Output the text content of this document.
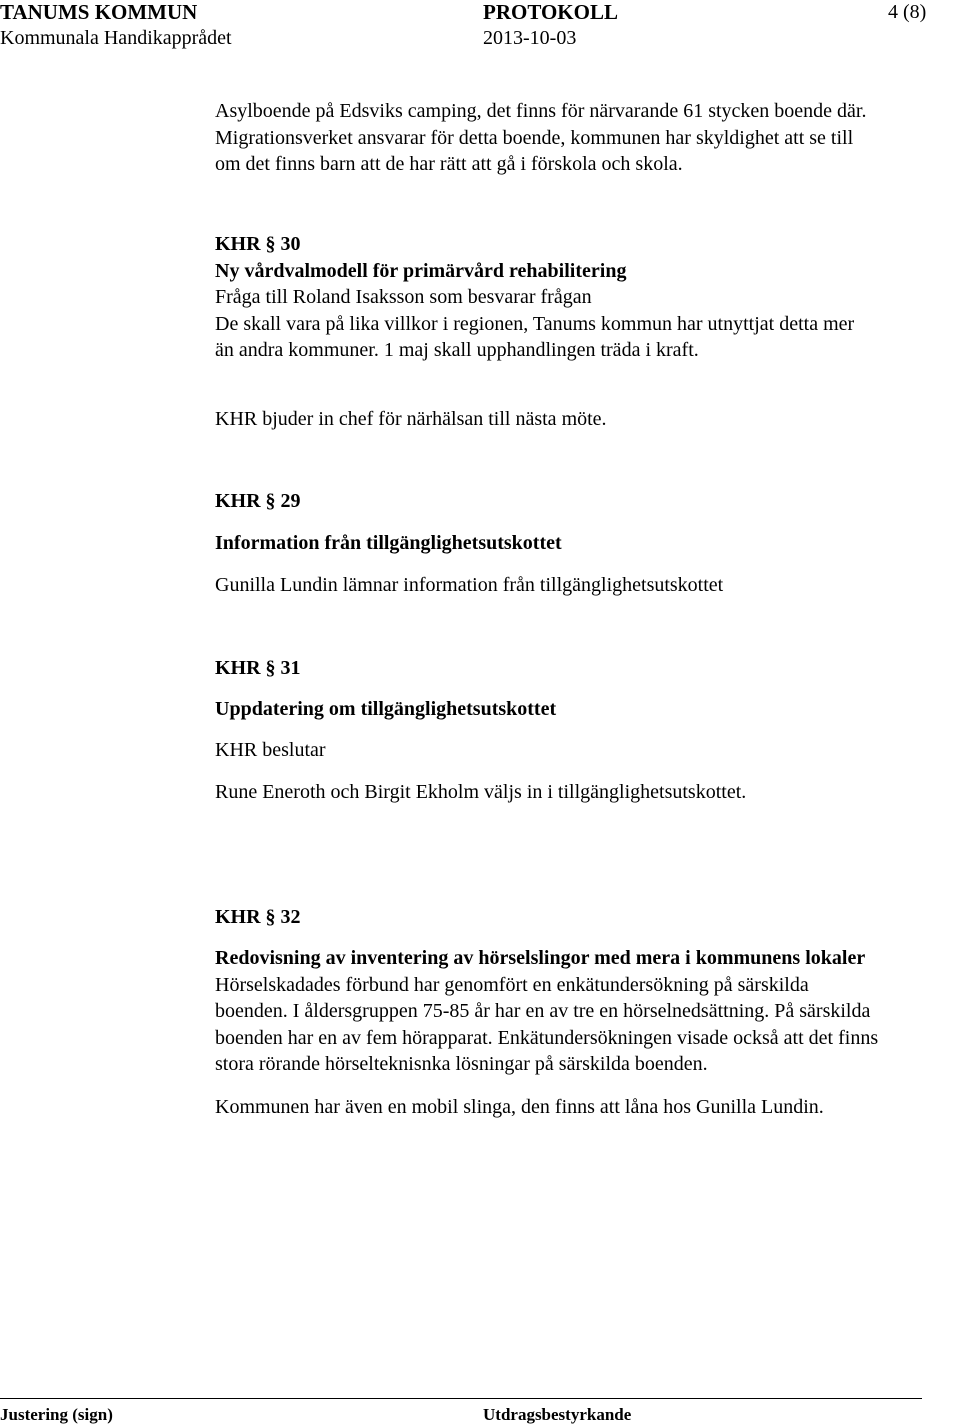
TANUMS KOMMUN	PROTOKOLL	4 (8)
Kommunala Handikapprådet	2013-10-03

Asylboende på Edsviks camping, det finns för närvarande 61 stycken boende där.

Migrationsverket ansvarar för detta boende, kommunen har skyldighet att se till

om det finns barn att de har rätt att gå i förskola och skola.

KHR § 30

Ny vårdvalmodell för primärvård rehabilitering

Fråga till Roland Isaksson som besvarar frågan

De skall vara på lika villkor i regionen, Tanums kommun har utnyttjat detta mer

än andra kommuner. 1 maj skall upphandlingen träda i kraft.

KHR bjuder in chef för närhälsan till nästa möte.
KHR § 29
Information från tillgänglighetsutskottet
Gunilla Lundin lämnar information från tillgänglighetsutskottet
KHR § 31
Uppdatering om tillgänglighetsutskottet
KHR beslutar
Rune Eneroth och Birgit Ekholm väljs in i tillgänglighetsutskottet.
KHR § 32

Redovisning av inventering av hörselslingor med mera i kommunens lokaler

Hörselskadades förbund har genomfört en enkätundersökning på särskilda

boenden. I åldersgruppen 75-85 år har en av tre en hörselnedsättning. På särskilda

boenden har en av fem hörapparat. Enkätundersökningen visade också att det finns

stora rörande hörselteknisnka lösningar på särskilda boenden.

Kommunen har även en mobil slinga, den finns att låna hos Gunilla Lundin.
Justering (sign)	Utdragsbestyrkande
